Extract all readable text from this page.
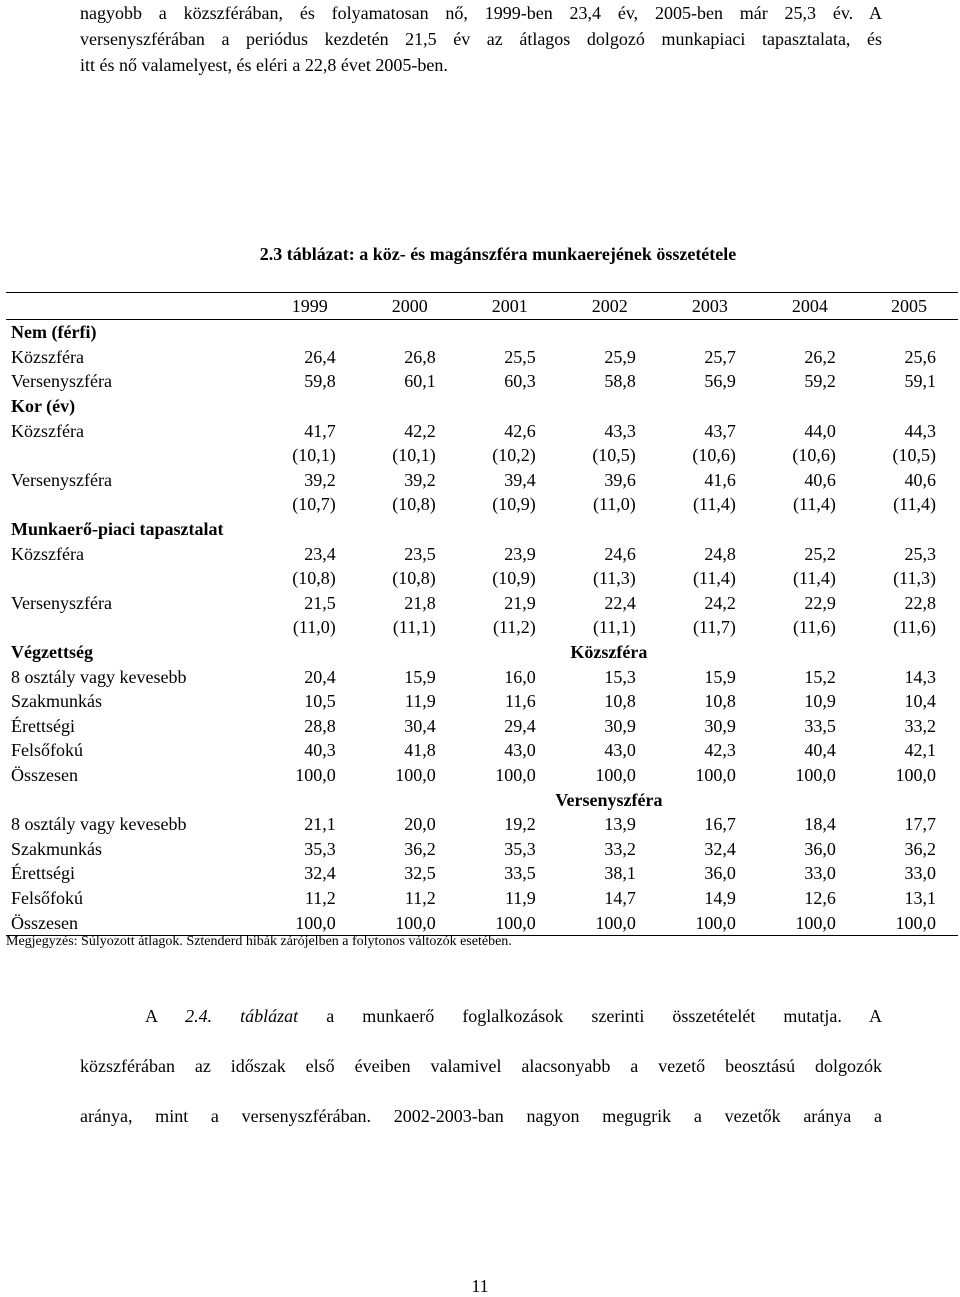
nagyobb a közszférában, és folyamatosan nő, 1999-ben 23,4 év, 2005-ben már 25,3 év. A
versenyszférában a periódus kezdetén 21,5 év az átlagos dolgozó munkapiaci tapasztalata, és
itt és nő valamelyest, és eléri a 22,8 évet 2005-ben.
2.3 táblázat: a köz- és magánszféra munkaerejének összetétele
	1999	2000	2001	2002	2003	2004	2005
Nem (férfi)							
Közszféra	26,4	26,8	25,5	25,9	25,7	26,2	25,6
Versenyszféra	59,8	60,1	60,3	58,8	56,9	59,2	59,1
Kor (év)							
Közszféra	41,7	42,2	42,6	43,3	43,7	44,0	44,3
	(10,1)	(10,1)	(10,2)	(10,5)	(10,6)	(10,6)	(10,5)
Versenyszféra	39,2	39,2	39,4	39,6	41,6	40,6	40,6
	(10,7)	(10,8)	(10,9)	(11,0)	(11,4)	(11,4)	(11,4)
Munkaerő-piaci tapasztalat							
Közszféra	23,4	23,5	23,9	24,6	24,8	25,2	25,3
	(10,8)	(10,8)	(10,9)	(11,3)	(11,4)	(11,4)	(11,3)
Versenyszféra	21,5	21,8	21,9	22,4	24,2	22,9	22,8
	(11,0)	(11,1)	(11,2)	(11,1)	(11,7)	(11,6)	(11,6)
Végzettség	Közszféra						
8 osztály vagy kevesebb	20,4	15,9	16,0	15,3	15,9	15,2	14,3
Szakmunkás	10,5	11,9	11,6	10,8	10,8	10,9	10,4
Érettségi	28,8	30,4	29,4	30,9	30,9	33,5	33,2
Felsőfokú	40,3	41,8	43,0	43,0	42,3	40,4	42,1
Összesen	100,0	100,0	100,0	100,0	100,0	100,0	100,0
	Versenyszféra						
8 osztály vagy kevesebb	21,1	20,0	19,2	13,9	16,7	18,4	17,7
Szakmunkás	35,3	36,2	35,3	33,2	32,4	36,0	36,2
Érettségi	32,4	32,5	33,5	38,1	36,0	33,0	33,0
Felsőfokú	11,2	11,2	11,9	14,7	14,9	12,6	13,1
Összesen	100,0	100,0	100,0	100,0	100,0	100,0	100,0
Megjegyzés: Súlyozott átlagok. Sztenderd hibák zárójelben a folytonos változók esetében.
A 2.4. táblázat a munkaerő foglalkozások szerinti összetételét mutatja. A
közszférában az időszak első éveiben valamivel alacsonyabb a vezető beosztású dolgozók
aránya, mint a versenyszférában. 2002-2003-ban nagyon megugrik a vezetők aránya a
11
